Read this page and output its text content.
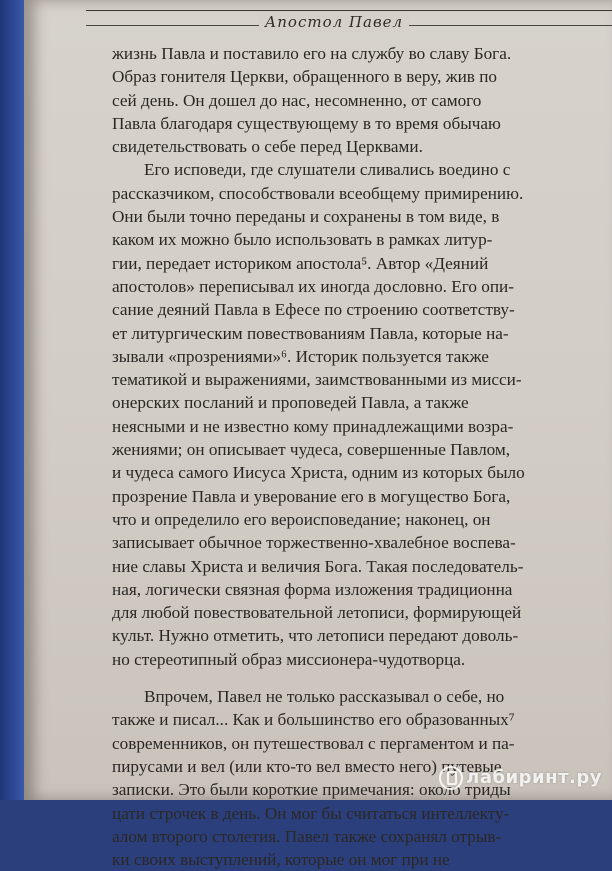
Апостол Павел
жизнь Павла и поставило его на службу во славу Бога.
Образ гонителя Церкви, обращенного в веру, жив по
сей день. Он дошел до нас, несомненно, от самого
Павла благодаря существующему в то время обычаю
свидетельствовать о себе перед Церквами.
Его исповеди, где слушатели сливались воедино с
рассказчиком, способствовали всеобщему примирению.
Они были точно переданы и сохранены в том виде, в
каком их можно было использовать в рамках литур-
гии, передает историком апостола⁵. Автор «Деяний
апостолов» переписывал их иногда дословно. Его опи-
сание деяний Павла в Ефесе по строению соответству-
ет литургическим повествованиям Павла, которые на-
зывали «прозрениями»⁶. Историк пользуется также
тематикой и выражениями, заимствованными из мисси-
онерских посланий и проповедей Павла, а также
неясными и не известно кому принадлежащими возра-
жениями; он описывает чудеса, совершенные Павлом,
и чудеса самого Иисуса Христа, одним из которых было
прозрение Павла и уверование его в могущество Бога,
что и определило его вероисповедание; наконец, он
записывает обычное торжественно-хвалебное воспева-
ние славы Христа и величия Бога. Такая последователь-
ная, логически связная форма изложения традиционна
для любой повествовательной летописи, формирующей
культ. Нужно отметить, что летописи передают доволь-
но стереотипный образ миссионера-чудотворца.
Впрочем, Павел не только рассказывал о себе, но
также и писал... Как и большинство его образованных⁷
современников, он путешествовал с пергаментом и па-
пирусами и вел (или кто-то вел вместо него) путевые
записки. Это были короткие примечания: около триды
цати строчек в день. Он мог бы считаться интеллекту-
алом второго столетия. Павел также сохранял отрыв-
ки своих выступлений, которые он мог при не
лабиринт.ру
